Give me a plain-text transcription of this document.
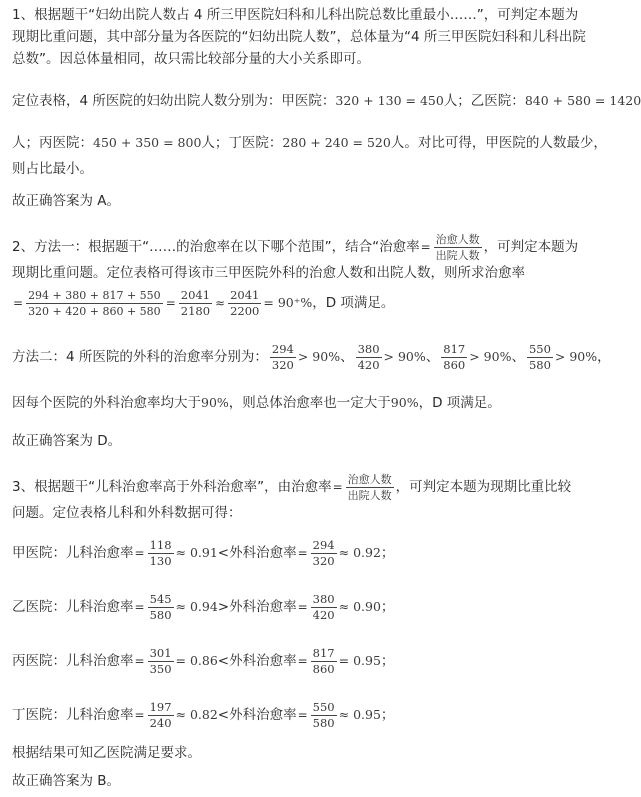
1、根据题干“妇幼出院人数占 4 所三甲医院妇科和儿科出院总数比重最小……”，可判定本题为
现期比重问题，其中部分量为各医院的“妇幼出院人数”，总体量为“4 所三甲医院妇科和儿科出院
总数”。因总体量相同，故只需比较部分量的大小关系即可。
定位表格，4 所医院的妇幼出院人数分别为：甲医院：320 + 130 = 450人；乙医院：840 + 580 = 1420
人；丙医院：450 + 350 = 800人；丁医院：280 + 240 = 520人。对比可得，甲医院的人数最少，
则占比最小。
故正确答案为 A。
2、方法一：根据题干“……的治愈率在以下哪个范围”，结合“治愈率= $\frac{\text{治愈人数}}{\text{出院人数}}$ ，可判定本题为
现期比重问题。定位表格可得该市三甲医院外科的治愈人数和出院人数，则所求治愈率
= $\frac{294 + 380 + 817 + 550}{320 + 420 + 860 + 580} = \frac{2041}{2180} \approx \frac{2041}{2200} = 90^+\%$，D 项满足。
方法二：4 所医院的外科的治愈率分别为： $\frac{294}{320} > 90\%$、 $\frac{380}{420} > 90\%$、 $\frac{817}{860} > 90\%$、 $\frac{550}{580} > 90\%$，
因每个医院的外科治愈率均大于90%，则总体治愈率也一定大于90%，D 项满足。
故正确答案为 D。
3、根据题干“儿科治愈率高于外科治愈率”，由治愈率= $\frac{\text{治愈人数}}{\text{出院人数}}$ ，可判定本题为现期比重比较
问题。定位表格儿科和外科数据可得：
甲医院：儿科治愈率= $\frac{118}{130} \approx 0.91<$外科治愈率= $\frac{294}{320} \approx 0.92$；
乙医院：儿科治愈率= $\frac{545}{580} \approx 0.94>$外科治愈率= $\frac{380}{420} \approx 0.90$；
丙医院：儿科治愈率= $\frac{301}{350} = 0.86<$外科治愈率= $\frac{817}{860} = 0.95$；
丁医院：儿科治愈率= $\frac{197}{240} \approx 0.82<$外科治愈率= $\frac{550}{580} \approx 0.95$；
根据结果可知乙医院满足要求。
故正确答案为 B。
